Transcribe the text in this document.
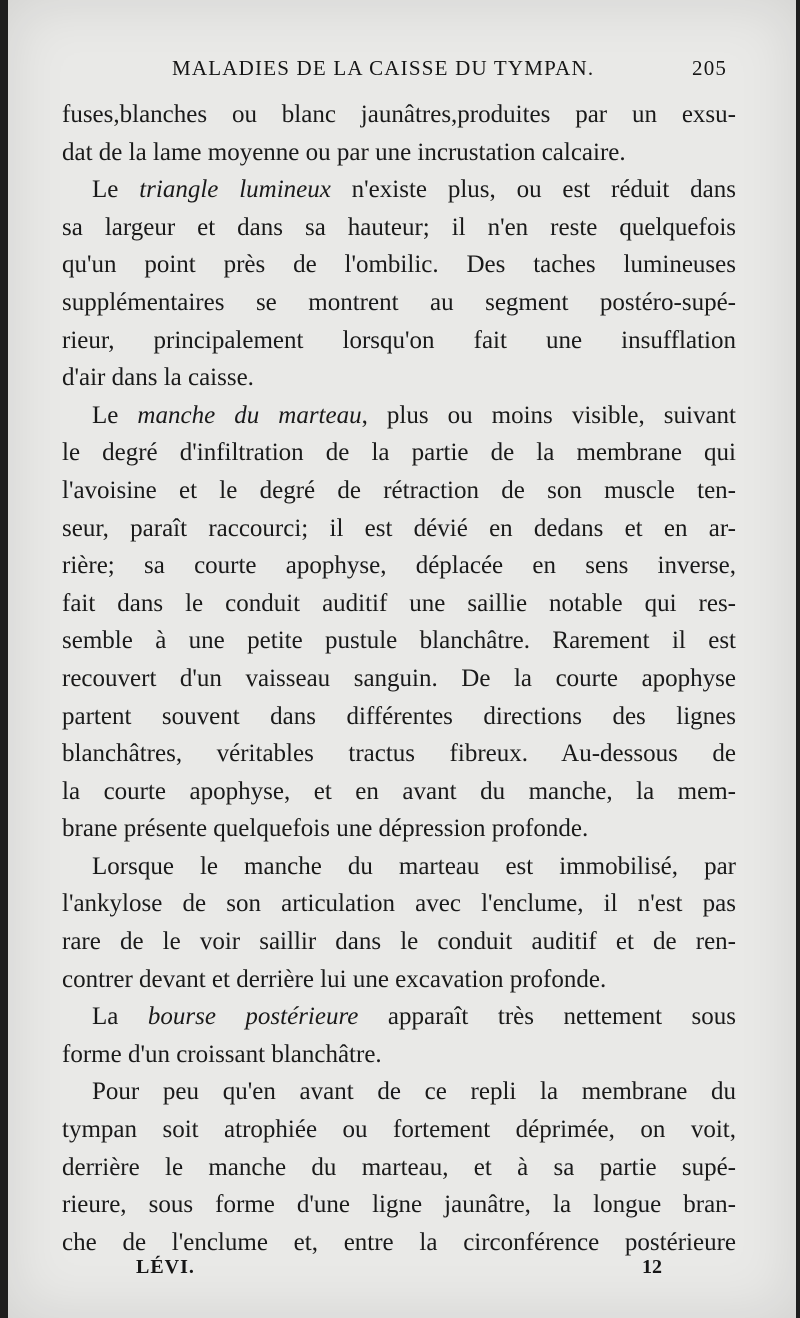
MALADIES DE LA CAISSE DU TYMPAN.	205
fuses,blanches ou blanc jaunâtres,produites par un exsu-
dat de la lame moyenne ou par une incrustation calcaire.
Le triangle lumineux n'existe plus, ou est réduit dans
sa largeur et dans sa hauteur; il n'en reste quelquefois
qu'un point près de l'ombilic. Des taches lumineuses
supplémentaires se montrent au segment postéro-supé-
rieur, principalement lorsqu'on fait une insufflation
d'air dans la caisse.
Le manche du marteau, plus ou moins visible, suivant
le degré d'infiltration de la partie de la membrane qui
l'avoisine et le degré de rétraction de son muscle ten-
seur, paraît raccourci; il est dévié en dedans et en ar-
rière; sa courte apophyse, déplacée en sens inverse,
fait dans le conduit auditif une saillie notable qui res-
semble à une petite pustule blanchâtre. Rarement il est
recouvert d'un vaisseau sanguin. De la courte apophyse
partent souvent dans différentes directions des lignes
blanchâtres, véritables tractus fibreux. Au-dessous de
la courte apophyse, et en avant du manche, la mem-
brane présente quelquefois une dépression profonde.
Lorsque le manche du marteau est immobilisé, par
l'ankylose de son articulation avec l'enclume, il n'est pas
rare de le voir saillir dans le conduit auditif et de ren-
contrer devant et derrière lui une excavation profonde.
La bourse postérieure apparaît très nettement sous
forme d'un croissant blanchâtre.
Pour peu qu'en avant de ce repli la membrane du
tympan soit atrophiée ou fortement déprimée, on voit,
derrière le manche du marteau, et à sa partie supé-
rieure, sous forme d'une ligne jaunâtre, la longue bran-
che de l'enclume et, entre la circonférence postérieure
LÉVI.	12
